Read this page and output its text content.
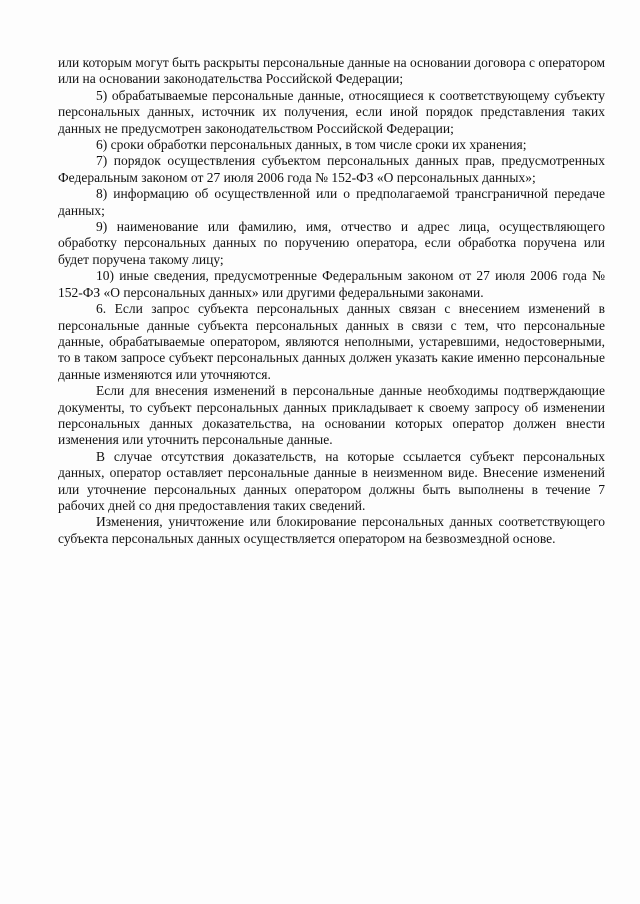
или которым могут быть раскрыты персональные данные на основании договора с оператором или на основании законодательства Российской Федерации;

5) обрабатываемые персональные данные, относящиеся к соответствующему субъекту персональных данных, источник их получения, если иной порядок представления таких данных не предусмотрен законодательством Российской Федерации;

6) сроки обработки персональных данных, в том числе сроки их хранения;

7) порядок осуществления субъектом персональных данных прав, предусмотренных Федеральным законом от 27 июля 2006 года № 152-ФЗ «О персональных данных»;

8) информацию об осуществленной или о предполагаемой трансграничной передаче данных;

9) наименование или фамилию, имя, отчество и адрес лица, осуществляющего обработку персональных данных по поручению оператора, если обработка поручена или будет поручена такому лицу;

10) иные сведения, предусмотренные Федеральным законом от 27 июля 2006 года № 152-ФЗ «О персональных данных» или другими федеральными законами.

6. Если запрос субъекта персональных данных связан с внесением изменений в персональные данные субъекта персональных данных в связи с тем, что персональные данные, обрабатываемые оператором, являются неполными, устаревшими, недостоверными, то в таком запросе субъект персональных данных должен указать какие именно персональные данные изменяются или уточняются.

Если для внесения изменений в персональные данные необходимы подтверждающие документы, то субъект персональных данных прикладывает к своему запросу об изменении персональных данных доказательства, на основании которых оператор должен внести изменения или уточнить персональные данные.

В случае отсутствия доказательств, на которые ссылается субъект персональных данных, оператор оставляет персональные данные в неизменном виде. Внесение изменений или уточнение персональных данных оператором должны быть выполнены в течение 7 рабочих дней со дня предоставления таких сведений.

Изменения, уничтожение или блокирование персональных данных соответствующего субъекта персональных данных осуществляется оператором на безвозмездной основе.
